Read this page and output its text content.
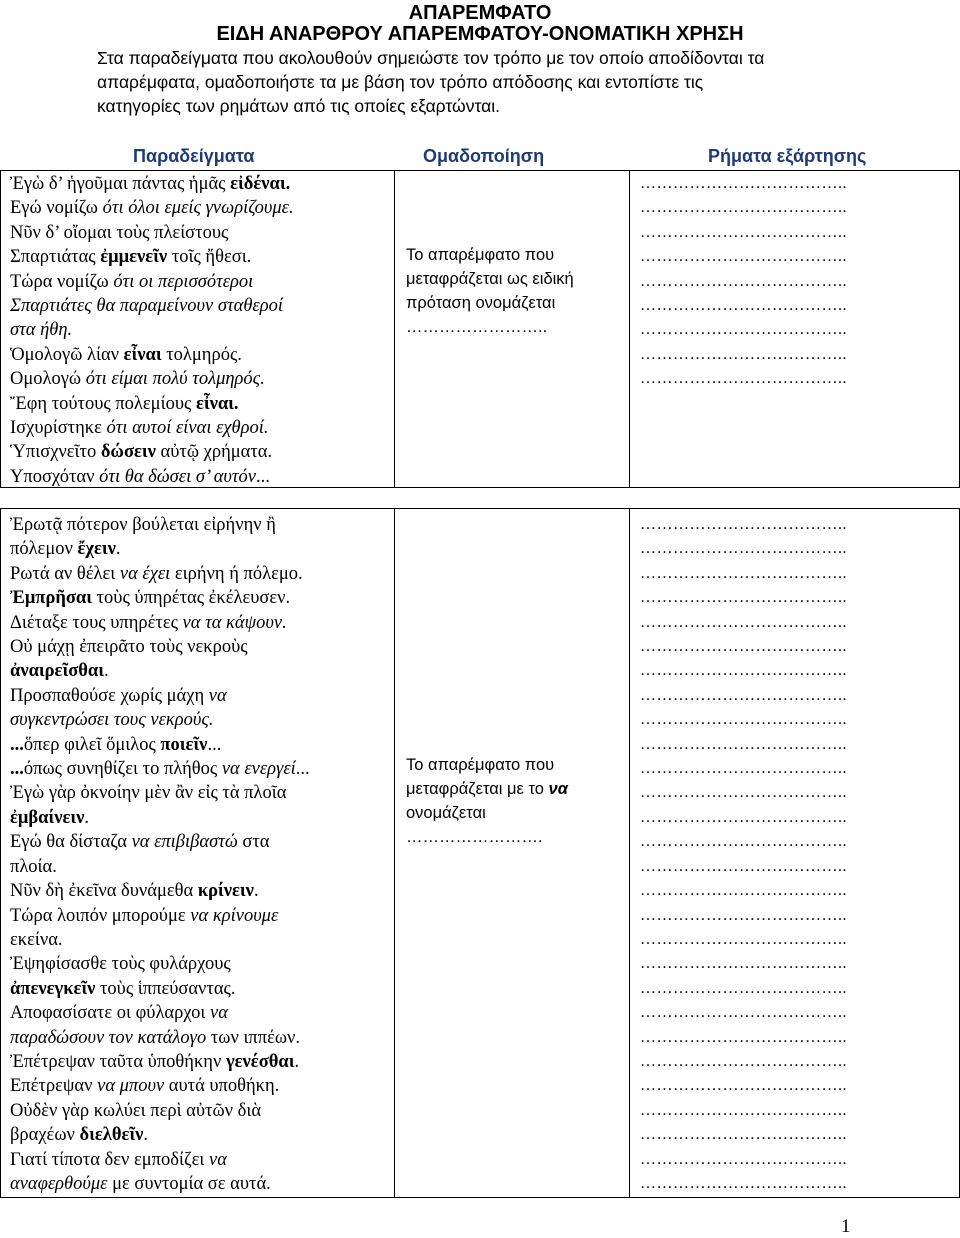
ΑΠΑΡΕΜΦΑΤΟ
ΕΙΔΗ ΑΝΑΡΘΡΟΥ ΑΠΑΡΕΜΦΑΤΟΥ-ΟΝΟΜΑΤΙΚΗ ΧΡΗΣΗ
Στα παραδείγματα που ακολουθούν σημειώστε τον τρόπο με τον οποίο αποδίδονται τα
απαρέμφατα, ομαδοποιήστε τα με βάση τον τρόπο απόδοσης και εντοπίστε τις
κατηγορίες των ρημάτων από τις οποίες εξαρτώνται.
Παραδείγματα	Ομαδοποίηση	Ρήματα εξάρτησης
Ἐγὼ δ’ ἡγοῦμαι πάντας ἡμᾶς εἰδέναι.
Εγώ νομίζω ότι όλοι εμείς γνωρίζουμε.
Νῦν δ’ οἴομαι τοὺς πλείστους
Σπαρτιάτας ἐμμενεῖν τοῖς ἤθεσι.
Τώρα νομίζω ότι οι περισσότεροι
Σπαρτιάτες θα παραμείνουν σταθεροί
στα ήθη.
Ὁμολογῶ λίαν εἶναι τολμηρός.
Ομολογώ ότι είμαι πολύ τολμηρός.
Ἔφη τούτους πολεμίους εἶναι.
Ισχυρίστηκε ότι αυτοί είναι εχθροί.
Ὑπισχνεῖτο δώσειν αὐτῷ χρήματα.
Υποσχόταν ότι θα δώσει σ’ αυτόν...
Το απαρέμφατο που
μεταφράζεται ως ειδική
πρόταση ονομάζεται
……………………..
………………………………..
………………………………..
………………………………..
………………………………..
………………………………..
………………………………..
………………………………..
………………………………..
………………………………..
Ἐρωτᾷ πότερον βούλεται εἰρήνην ἢ
πόλεμον ἔχειν.
Ρωτά αν θέλει να έχει ειρήνη ή πόλεμο.
Ἐμπρῆσαι τοὺς ὑπηρέτας ἐκέλευσεν.
Διέταξε τους υπηρέτες να τα κάψουν.
Οὐ μάχῃ ἐπειρᾶτο τοὺς νεκροὺς
ἀναιρεῖσθαι.
Προσπαθούσε χωρίς μάχη να
συγκεντρώσει τους νεκρούς.
...ὅπερ φιλεῖ ὅμιλος ποιεῖν...
...όπως συνηθίζει το πλήθος να ενεργεί...
Ἐγὼ γὰρ ὀκνοίην μὲν ἂν εἰς τὰ πλοῖα
ἐμβαίνειν.
Εγώ θα δίσταζα να επιβιβαστώ στα
πλοία.
Νῦν δὴ ἐκεῖνα δυνάμεθα κρίνειν.
Τώρα λοιπόν μπορούμε να κρίνουμε
εκείνα.
Ἐψηφίσασθε τοὺς φυλάρχους
ἀπενεγκεῖν τοὺς ἱππεύσαντας.
Αποφασίσατε οι φύλαρχοι να
παραδώσουν τον κατάλογο των ιππέων.
Ἐπέτρεψαν ταῦτα ὑποθήκην γενέσθαι.
Επέτρεψαν να μπουν αυτά υποθήκη.
Οὐδὲν γὰρ κωλύει περὶ αὐτῶν διὰ
βραχέων διελθεῖν.
Γιατί τίποτα δεν εμποδίζει να
αναφερθούμε με συντομία σε αυτά.
Το απαρέμφατο που
μεταφράζεται με το να
ονομάζεται
…………………….
………………………………..
………………………………..
………………………………..
………………………………..
………………………………..
………………………………..
………………………………..
………………………………..
………………………………..
………………………………..
………………………………..
………………………………..
………………………………..
………………………………..
………………………………..
………………………………..
………………………………..
………………………………..
………………………………..
………………………………..
………………………………..
………………………………..
………………………………..
………………………………..
………………………………..
………………………………..
………………………………..
………………………………..
1
